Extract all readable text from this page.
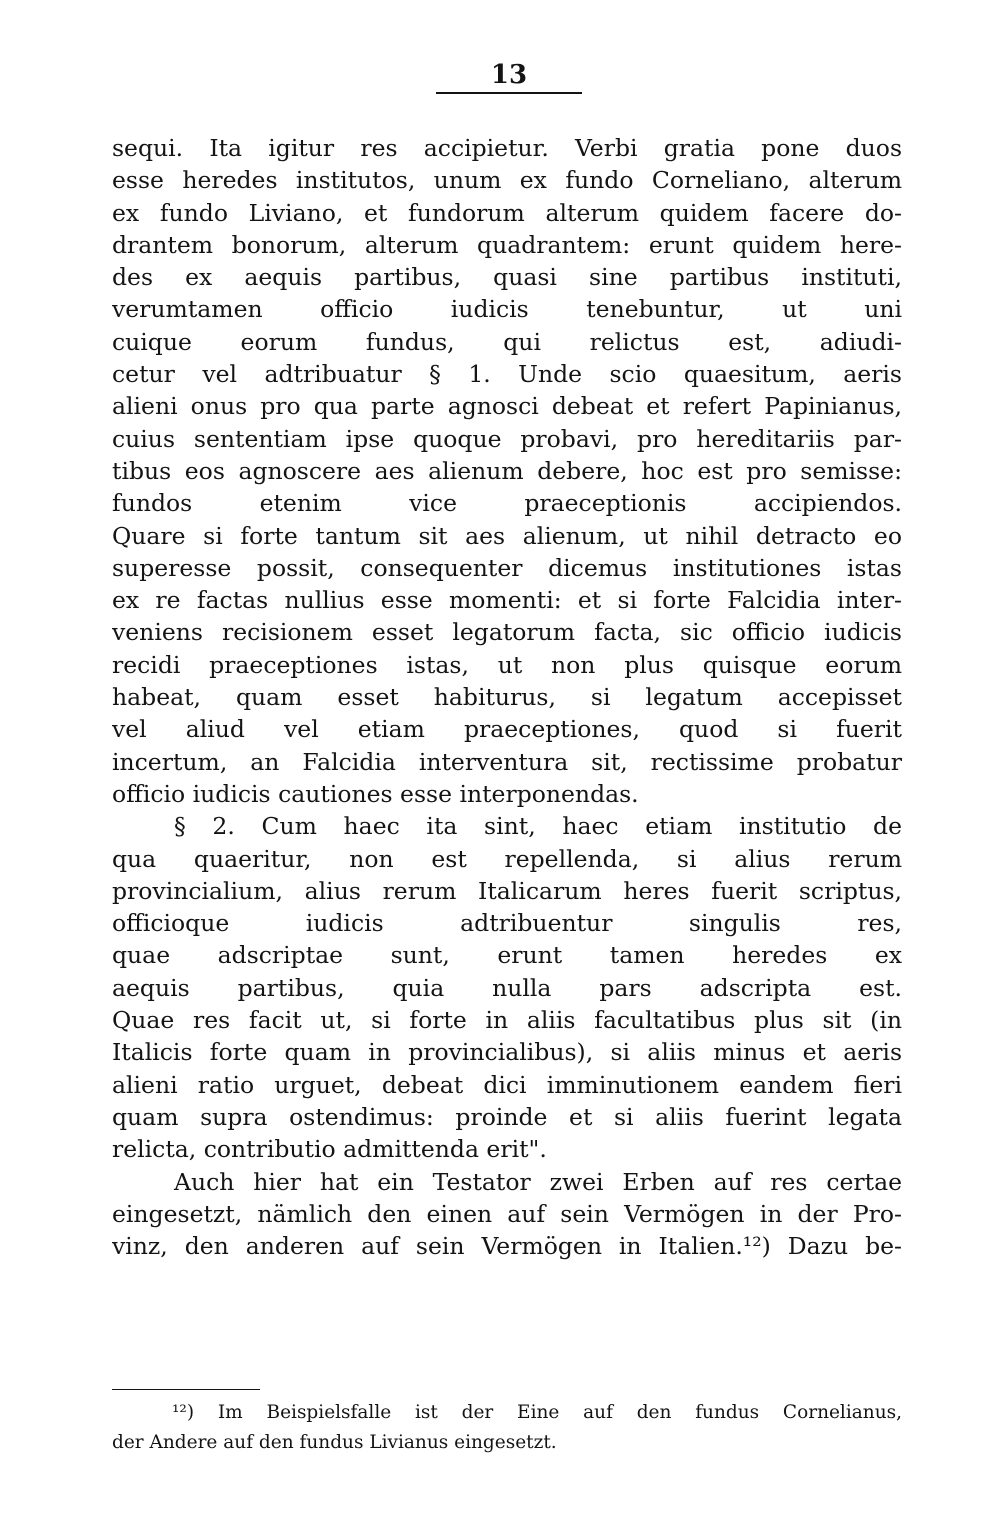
13
sequi. Ita igitur res accipietur. Verbi gratia pone duos
esse heredes institutos, unum ex fundo Corneliano, alterum
ex fundo Liviano, et fundorum alterum quidem facere do-
drantem bonorum, alterum quadrantem: erunt quidem here-
des ex aequis partibus, quasi sine partibus instituti,
verumtamen officio iudicis tenebuntur, ut uni
cuique eorum fundus, qui relictus est, adiudi-
cetur vel adtribuatur § 1. Unde scio quaesitum, aeris
alieni onus pro qua parte agnosci debeat et refert Papinianus,
cuius sententiam ipse quoque probavi, pro hereditariis par-
tibus eos agnoscere aes alienum debere, hoc est pro semisse:
fundos etenim vice praeceptionis accipiendos.
Quare si forte tantum sit aes alienum, ut nihil detracto eo
superesse possit, consequenter dicemus institutiones istas
ex re factas nullius esse momenti: et si forte Falcidia inter-
veniens recisionem esset legatorum facta, sic officio iudicis
recidi praeceptiones istas, ut non plus quisque eorum
habeat, quam esset habiturus, si legatum accepisset
vel aliud vel etiam praeceptiones, quod si fuerit
incertum, an Falcidia interventura sit, rectissime probatur
officio iudicis cautiones esse interponendas.
§ 2. Cum haec ita sint, haec etiam institutio de
qua quaeritur, non est repellenda, si alius rerum
provincialium, alius rerum Italicarum heres fuerit scriptus,
officioque iudicis adtribuentur singulis res,
quae adscriptae sunt, erunt tamen heredes ex
aequis partibus, quia nulla pars adscripta est.
Quae res facit ut, si forte in aliis facultatibus plus sit (in
Italicis forte quam in provincialibus), si aliis minus et aeris
alieni ratio urguet, debeat dici imminutionem eandem fieri
quam supra ostendimus: proinde et si aliis fuerint legata
relicta, contributio admittenda erit".
Auch hier hat ein Testator zwei Erben auf res certae
eingesetzt, nämlich den einen auf sein Vermögen in der Pro-
vinz, den anderen auf sein Vermögen in Italien.¹²) Dazu be-
¹²) Im Beispielsfalle ist der Eine auf den fundus Cornelianus,
der Andere auf den fundus Livianus eingesetzt.
